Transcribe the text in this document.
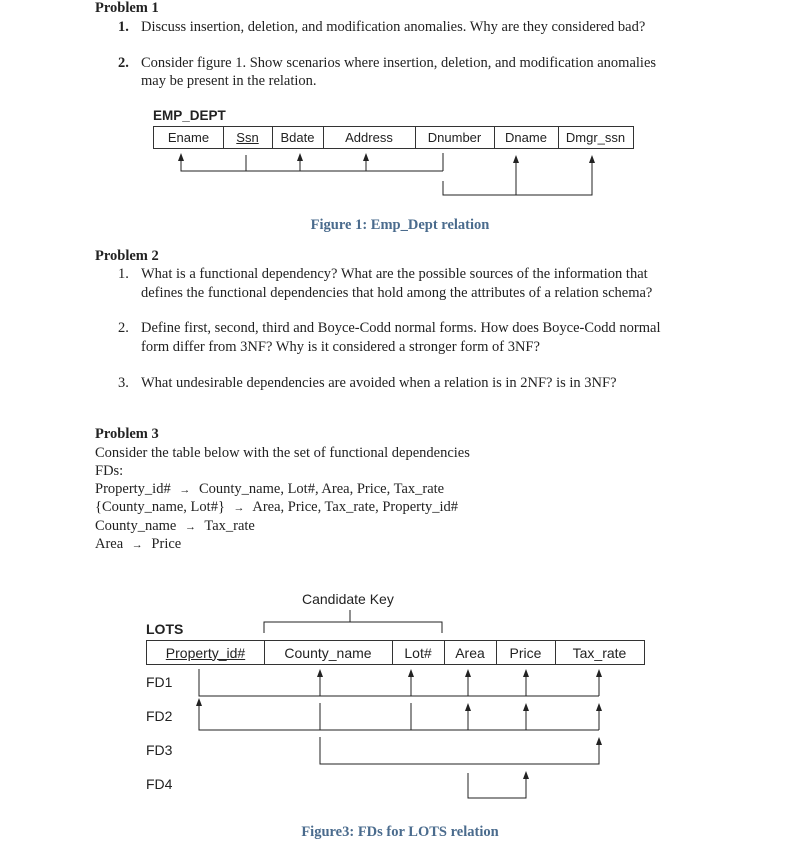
Problem 1
1. Discuss insertion, deletion, and modification anomalies. Why are they considered bad?
2. Consider figure 1. Show scenarios where insertion, deletion, and modification anomalies
may be present in the relation.
EMP_DEPT
Ename	Ssn	Bdate	Address	Dnumber	Dname	Dmgr_ssn
Figure 1: Emp_Dept relation
Problem 2
1. What is a functional dependency? What are the possible sources of the information that
defines the functional dependencies that hold among the attributes of a relation schema?
2. Define first, second, third and Boyce-Codd normal forms. How does Boyce-Codd normal
form differ from 3NF? Why is it considered a stronger form of 3NF?
3. What undesirable dependencies are avoided when a relation is in 2NF? is in 3NF?
Problem 3
Consider the table below with the set of functional dependencies
FDs:
Property_id# → County_name, Lot#, Area, Price, Tax_rate
{County_name, Lot#} → Area, Price, Tax_rate, Property_id#
County_name → Tax_rate
Area → Price
Candidate Key
LOTS
Property_id#	County_name	Lot#	Area	Price	Tax_rate
FD1
FD2
FD3
FD4
Figure3: FDs for LOTS relation
